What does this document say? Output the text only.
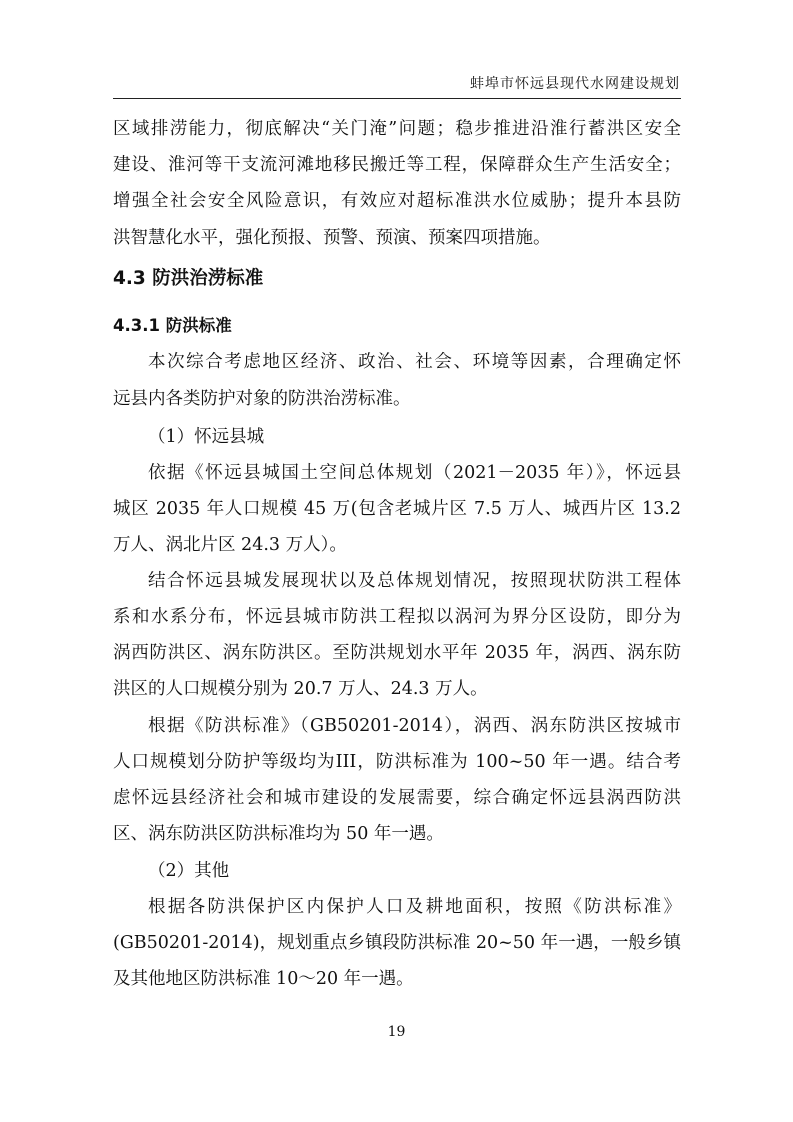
蚌埠市怀远县现代水网建设规划
区域排涝能力，彻底解决“关门淹”问题；稳步推进沿淮行蓄洪区安全
建设、淮河等干支流河滩地移民搬迁等工程，保障群众生产生活安全；
增强全社会安全风险意识，有效应对超标准洪水位威胁；提升本县防
洪智慧化水平，强化预报、预警、预演、预案四项措施。
4.3 防洪治涝标准
4.3.1 防洪标准
本次综合考虑地区经济、政治、社会、环境等因素，合理确定怀
远县内各类防护对象的防洪治涝标准。
（1）怀远县城
依据《怀远县城国土空间总体规划（2021－2035 年）》，怀远县
城区 2035 年人口规模 45 万(包含老城片区 7.5 万人、城西片区 13.2
万人、涡北片区 24.3 万人）。
结合怀远县城发展现状以及总体规划情况，按照现状防洪工程体
系和水系分布，怀远县城市防洪工程拟以涡河为界分区设防，即分为
涡西防洪区、涡东防洪区。至防洪规划水平年 2035 年，涡西、涡东防
洪区的人口规模分别为 20.7 万人、24.3 万人。
根据《防洪标准》（GB50201-2014），涡西、涡东防洪区按城市
人口规模划分防护等级均为III，防洪标准为 100~50 年一遇。结合考
虑怀远县经济社会和城市建设的发展需要，综合确定怀远县涡西防洪
区、涡东防洪区防洪标准均为 50 年一遇。
（2）其他
根据各防洪保护区内保护人口及耕地面积，按照《防洪标准》
(GB50201-2014)，规划重点乡镇段防洪标准 20~50 年一遇，一般乡镇
及其他地区防洪标准 10～20 年一遇。
19
